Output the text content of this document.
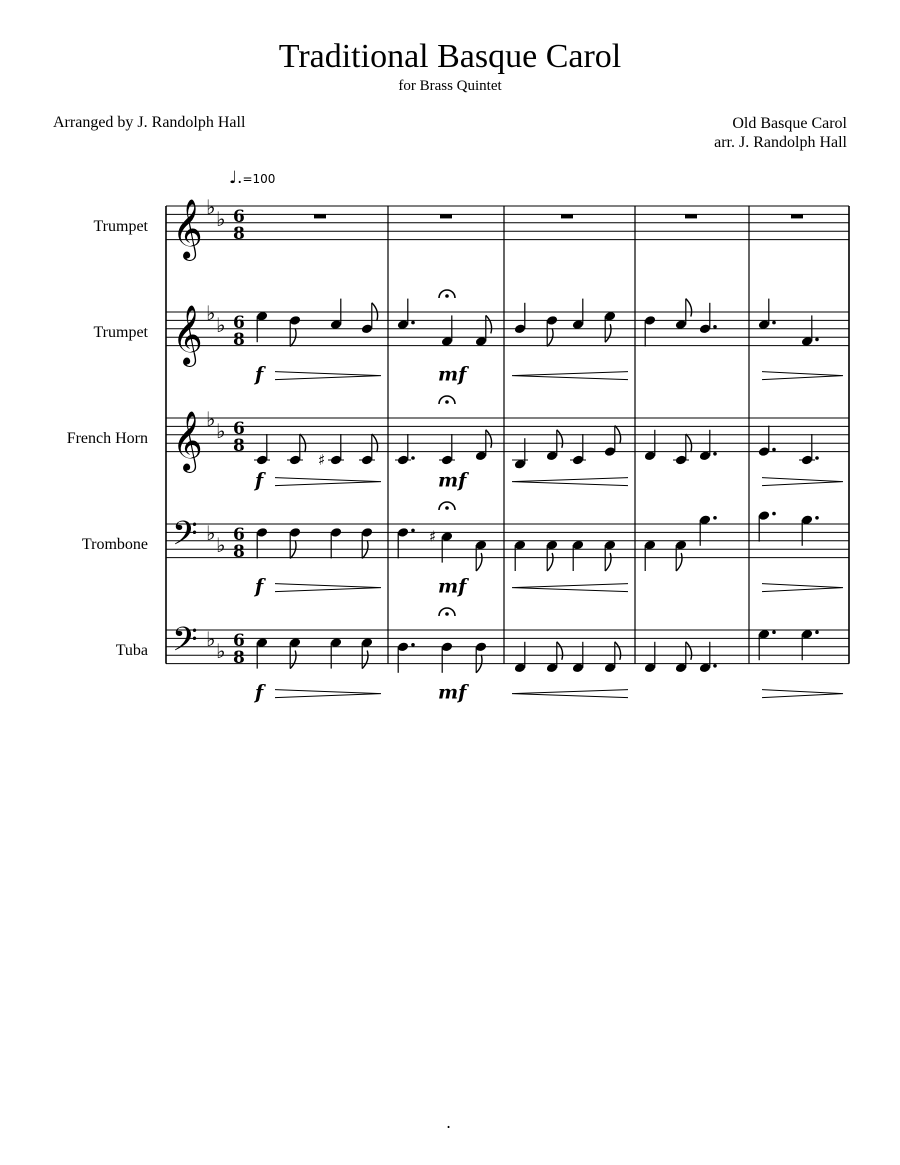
Traditional Basque Carol
for Brass Quintet
Arranged by J. Randolph Hall	Old Basque Carol
arr. J. Randolph Hall
♩.=100
Trumpet
Trumpet
French Horn
Trombone
Tuba
𝄞 ♭ ♭ 6
8
𝄞 ♭ ♭ 6
8
𝄞 ♭ ♭ 6
8
𝄢 ♭ ♭ 6
8
𝄢 ♭ ♭ 6
8
♯
♯
f	mf
f	mf
f	mf
f	mf
.
